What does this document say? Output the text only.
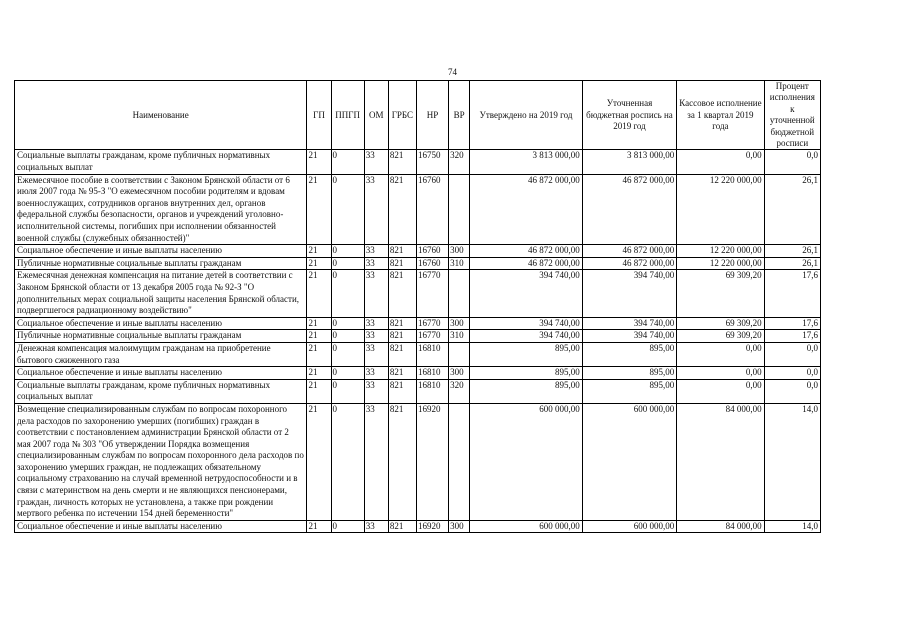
74
Наименование	ГП	ППГП	ОМ	ГРБС	НР	ВР	Утверждено на 2019 год	Уточненная бюджетная роспись на 2019 год	Кассовое исполнение за 1 квартал 2019 года	Процент исполнения к уточненной бюджетной росписи
Социальные выплаты гражданам, кроме публичных нормативных социальных выплат	21	0	33	821	16750	320	3 813 000,00	3 813 000,00	0,00	0,0
Ежемесячное пособие в соответствии с Законом Брянской области от 6 июля 2007 года № 95-З "О ежемесячном пособии родителям и вдовам военнослужащих, сотрудников органов внутренних дел, органов федеральной службы безопасности, органов и учреждений уголовно-исполнительной системы, погибших при исполнении обязанностей военной службы (служебных обязанностей)"	21	0	33	821	16760		46 872 000,00	46 872 000,00	12 220 000,00	26,1
Социальное обеспечение и иные выплаты населению	21	0	33	821	16760	300	46 872 000,00	46 872 000,00	12 220 000,00	26,1
Публичные нормативные социальные выплаты гражданам	21	0	33	821	16760	310	46 872 000,00	46 872 000,00	12 220 000,00	26,1
Ежемесячная денежная компенсация на питание детей в соответствии с Законом Брянской области от 13 декабря 2005 года № 92-З "О дополнительных мерах социальной защиты населения Брянской области, подвергшегося радиационному воздействию"	21	0	33	821	16770		394 740,00	394 740,00	69 309,20	17,6
Социальное обеспечение и иные выплаты населению	21	0	33	821	16770	300	394 740,00	394 740,00	69 309,20	17,6
Публичные нормативные социальные выплаты гражданам	21	0	33	821	16770	310	394 740,00	394 740,00	69 309,20	17,6
Денежная компенсация малоимущим гражданам на приобретение бытового сжиженного газа	21	0	33	821	16810		895,00	895,00	0,00	0,0
Социальное обеспечение и иные выплаты населению	21	0	33	821	16810	300	895,00	895,00	0,00	0,0
Социальные выплаты гражданам, кроме публичных нормативных социальных выплат	21	0	33	821	16810	320	895,00	895,00	0,00	0,0
Возмещение специализированным службам по вопросам похоронного дела расходов по захоронению умерших (погибших) граждан в соответствии с постановлением администрации Брянской области от 2 мая 2007 года № 303 "Об утверждении Порядка возмещения специализированным службам по вопросам похоронного дела расходов по захоронению умерших граждан, не подлежащих обязательному социальному страхованию на случай временной нетрудоспособности и в связи с материнством на день смерти и не являющихся пенсионерами, граждан, личность которых не установлена, а также при рождении мертвого ребенка по истечении 154 дней беременности"	21	0	33	821	16920		600 000,00	600 000,00	84 000,00	14,0
Социальное обеспечение и иные выплаты населению	21	0	33	821	16920	300	600 000,00	600 000,00	84 000,00	14,0
